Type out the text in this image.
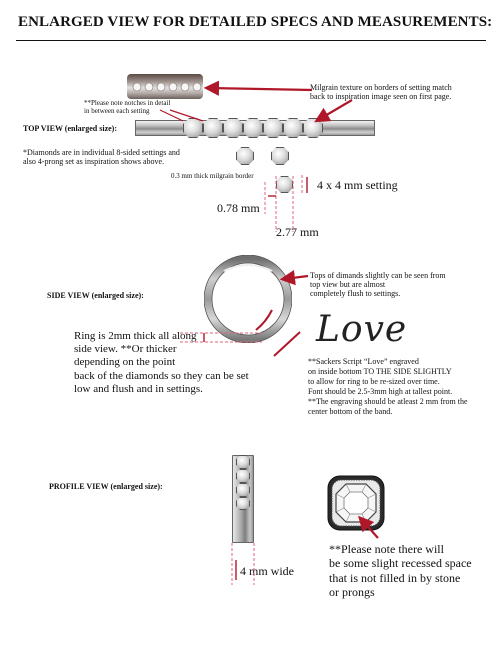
ENLARGED VIEW FOR DETAILED SPECS AND MEASUREMENTS:
**Please note notches in detail
in between each setting
Milgrain texture on borders of setting match
back to inspiration image seen on first page.
TOP VIEW (enlarged size):
*Diamonds are in individual 8-sided settings and
also 4-prong set as inspiration shows above.
0.3 mm thick milgrain border
4 x 4 mm setting
0.78 mm
2.77 mm
SIDE VIEW (enlarged size):
Tops of dimands slightly can be seen from
top view but are almost
completely flush to settings.
Ring is 2mm thick all along
side view. **Or thicker
depending on the point
back of the diamonds so they can be set
low and flush and in settings.
Love
**Sackers Script “Love” engraved
on inside bottom TO THE SIDE SLIGHTLY
to allow for ring to be re-sized over time.
Font should be 2.5-3mm high at tallest point.
**The engraving should be atleast 2 mm from the
center bottom of the band.
PROFILE VIEW (enlarged size):
4 mm wide
**Please note there will
be some slight recessed space
that is not filled in by stone
or prongs
